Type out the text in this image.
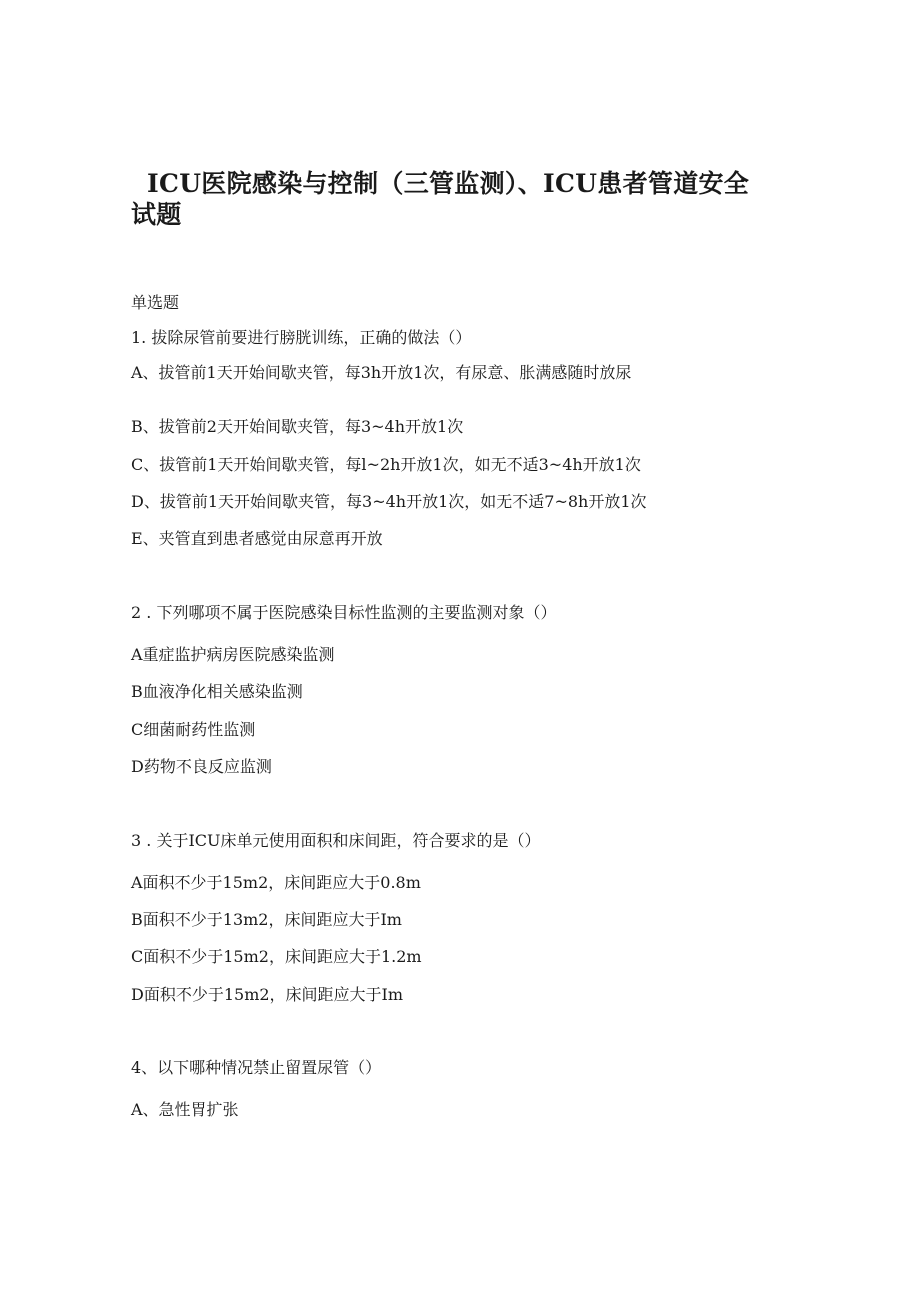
ICU医院感染与控制（三管监测）、ICU患者管道安全试题
单选题
1. 拔除尿管前要进行膀胱训练，正确的做法（）
A、拔管前1天开始间歇夹管，每3h开放1次，有尿意、胀满感随时放尿
B、拔管前2天开始间歇夹管，每3~4h开放1次
C、拔管前1天开始间歇夹管，每l~2h开放1次，如无不适3~4h开放1次
D、拔管前1天开始间歇夹管，每3~4h开放1次，如无不适7~8h开放1次
E、夹管直到患者感觉由尿意再开放
2 . 下列哪项不属于医院感染目标性监测的主要监测对象（）
A重症监护病房医院感染监测
B血液净化相关感染监测
C细菌耐药性监测
D药物不良反应监测
3 . 关于ICU床单元使用面积和床间距，符合要求的是（）
A面积不少于15m2，床间距应大于0.8m
B面积不少于13m2，床间距应大于Im
C面积不少于15m2，床间距应大于1.2m
D面积不少于15m2，床间距应大于Im
4、以下哪种情况禁止留置尿管（）
A、急性胃扩张
